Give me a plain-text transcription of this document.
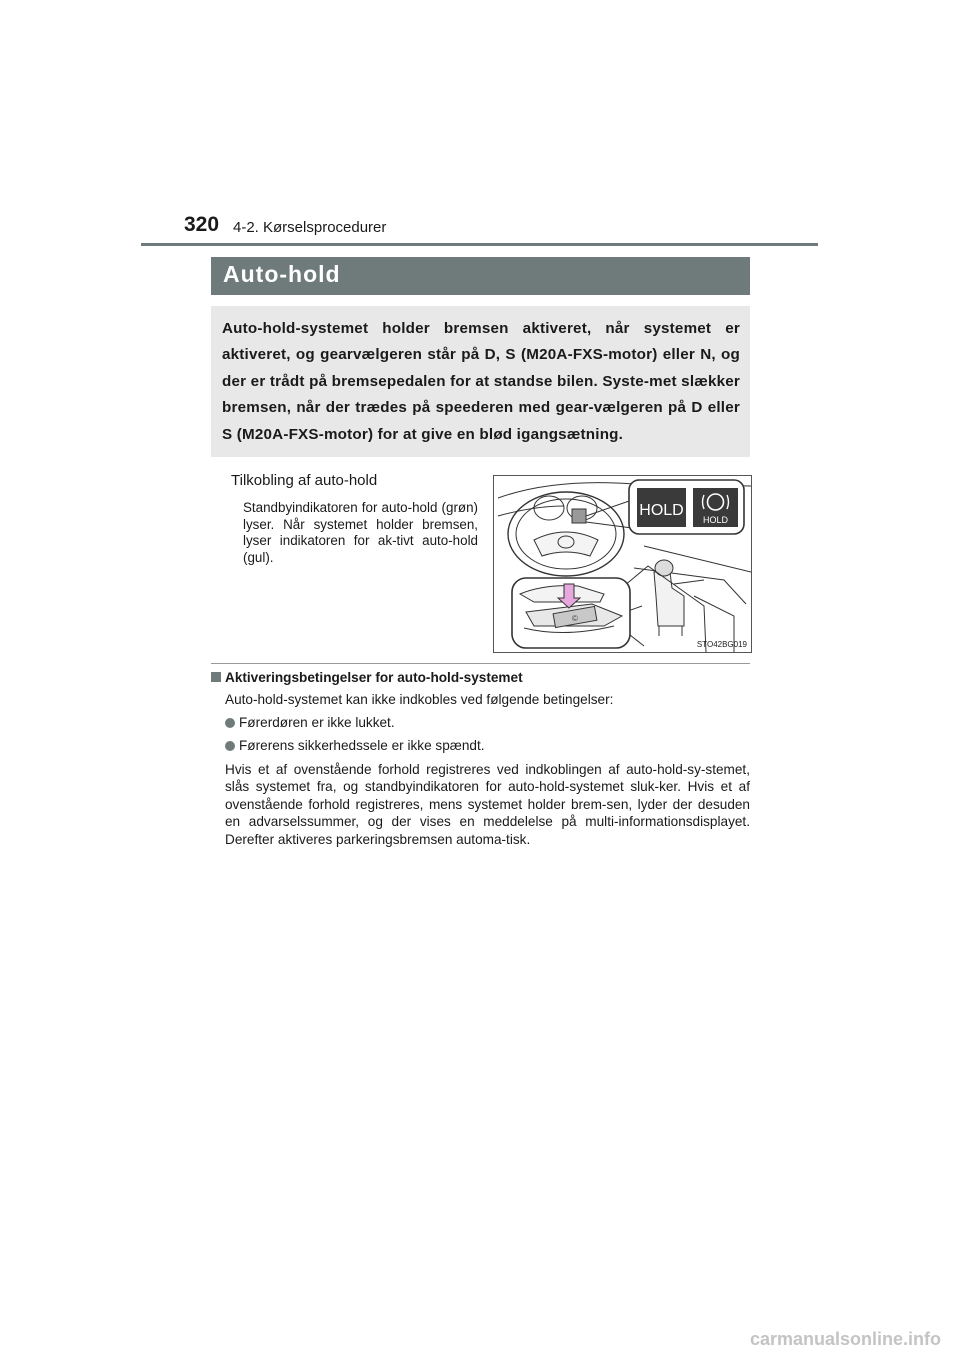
320 4-2. Kørselsprocedurer
Auto-hold
Auto-hold-systemet holder bremsen aktiveret, når systemet er aktiveret, og gearvælgeren står på D, S (M20A-FXS-motor) eller N, og der er trådt på bremsepedalen for at standse bilen. Syste-met slækker bremsen, når der trædes på speederen med gear-vælgeren på D eller S (M20A-FXS-motor) for at give en blød igangsætning.
Tilkobling af auto-hold
Standbyindikatoren for auto-hold (grøn) lyser. Når systemet holder bremsen, lyser indikatoren for ak-tivt auto-hold (gul).
HOLD
HOLD
©
STO42BG019
Aktiveringsbetingelser for auto-hold-systemet
Auto-hold-systemet kan ikke indkobles ved følgende betingelser:
Førerdøren er ikke lukket.
Førerens sikkerhedssele er ikke spændt.
Hvis et af ovenstående forhold registreres ved indkoblingen af auto-hold-sy-stemet, slås systemet fra, og standbyindikatoren for auto-hold-systemet sluk-ker. Hvis et af ovenstående forhold registreres, mens systemet holder brem-sen, lyder der desuden en advarselssummer, og der vises en meddelelse på multi-informationsdisplayet. Derefter aktiveres parkeringsbremsen automa-tisk.
carmanualsonline.info
